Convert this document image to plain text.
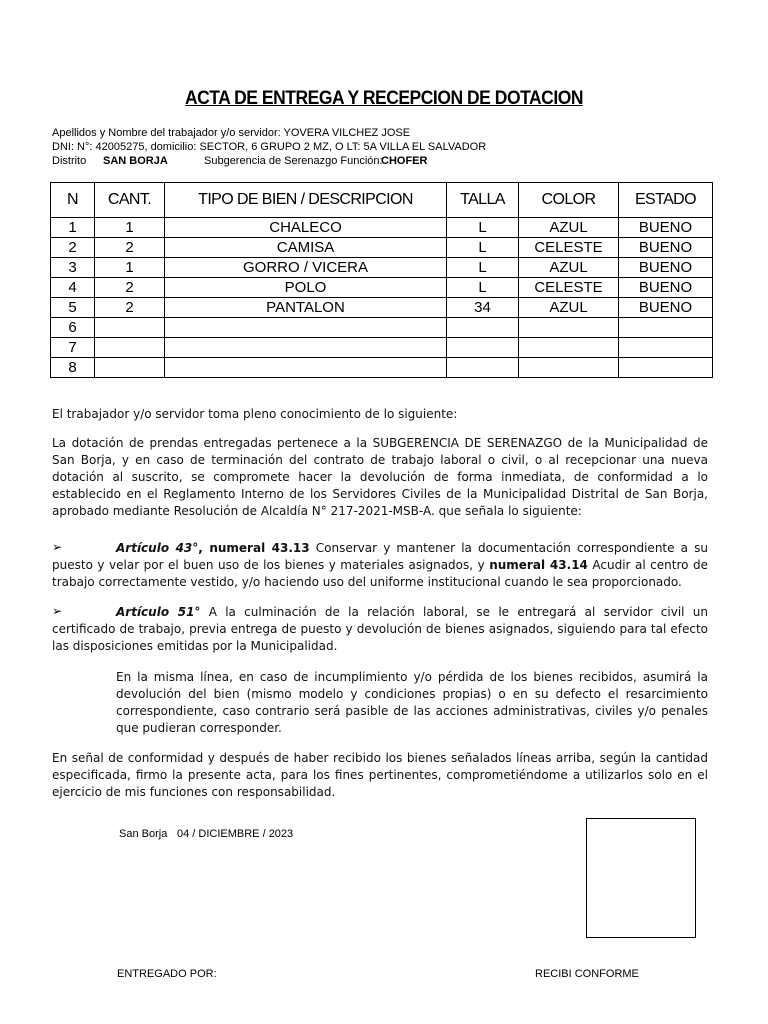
ACTA DE ENTREGA Y RECEPCION DE DOTACION
Apellidos y Nombre del trabajador y/o servidor: YOVERA VILCHEZ JOSE
DNI: N°: 42005275, domicilio: SECTOR, 6 GRUPO 2 MZ, O LT: 5A VILLA EL SALVADOR
Distrito SAN BORJA	Subgerencia de Serenazgo Función:
CHOFER
N	CANT.	TIPO DE BIEN / DESCRIPCION	TALLA	COLOR	ESTADO
1	1	CHALECO	L	AZUL	BUENO
2	2	CAMISA	L	CELESTE	BUENO
3	1	GORRO / VICERA	L	AZUL	BUENO
4	2	POLO	L	CELESTE	BUENO
5	2	PANTALON	34	AZUL	BUENO
6					
7					
8					
El trabajador y/o servidor toma pleno conocimiento de lo siguiente:
La dotación de prendas entregadas pertenece a la SUBGERENCIA DE SERENAZGO de la Municipalidad de San Borja, y en caso de terminación del contrato de trabajo laboral o civil, o al recepcionar una nueva dotación al suscrito, se compromete hacer la devolución de forma inmediata, de conformidad a lo establecido en el Reglamento Interno de los Servidores Civiles de la Municipalidad Distrital de San Borja, aprobado mediante Resolución de Alcaldía N° 217-2021-MSB-A. que señala lo siguiente:
➢	Artículo 43°, numeral 43.13 Conservar y mantener la documentación correspondiente a su puesto y velar por el buen uso de los bienes y materiales asignados, y numeral 43.14 Acudir al centro de trabajo correctamente vestido, y/o haciendo uso del uniforme institucional cuando le sea proporcionado.
➢	Artículo 51° A la culminación de la relación laboral, se le entregará al servidor civil un certificado de trabajo, previa entrega de puesto y devolución de bienes asignados, siguiendo para tal efecto las disposiciones emitidas por la Municipalidad.
En la misma línea, en caso de incumplimiento y/o pérdida de los bienes recibidos, asumirá la devolución del bien (mismo modelo y condiciones propias) o en su defecto el resarcimiento correspondiente, caso contrario será pasible de las acciones administrativas, civiles y/o penales que pudieran corresponder.
En señal de conformidad y después de haber recibido los bienes señalados líneas arriba, según la cantidad especificada, firmo la presente acta, para los fines pertinentes, comprometiéndome a utilizarlos solo en el ejercicio de mis funciones con responsabilidad.
San Borja 04 / DICIEMBRE / 2023
ENTREGADO POR:	RECIBI CONFORME
